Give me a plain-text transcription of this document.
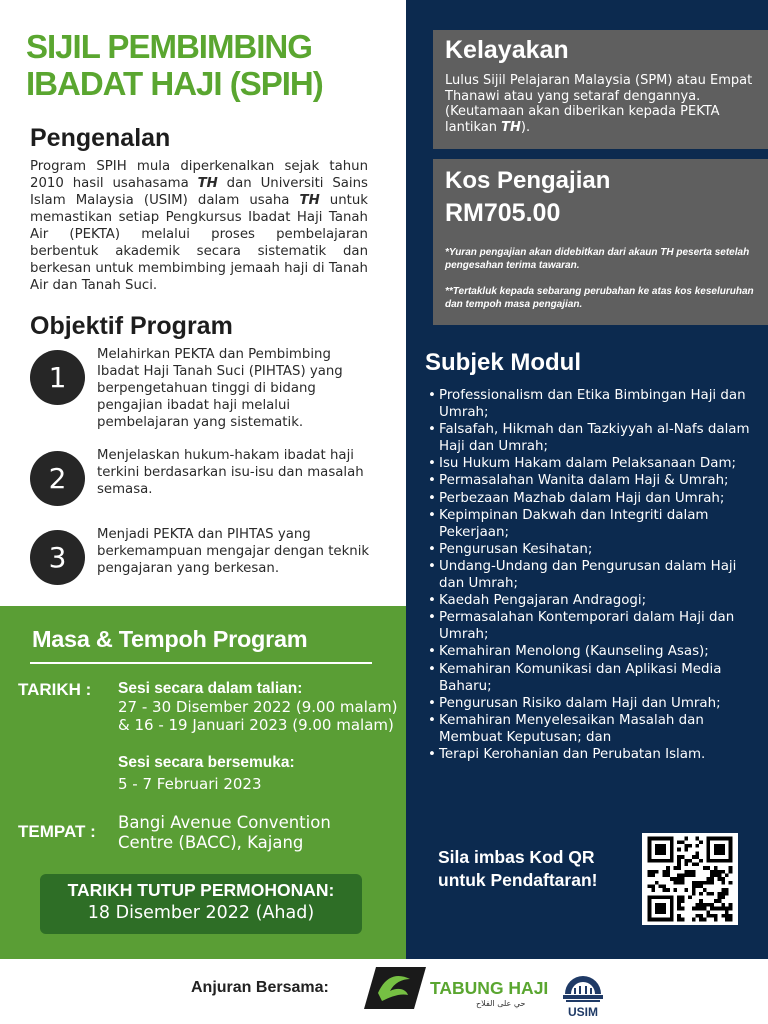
SIJIL PEMBIMBING
IBADAT HAJI (SPIH)
Pengenalan

Program SPIH mula diperkenalkan sejak tahun 2010 hasil usahasama TH dan Universiti Sains Islam Malaysia (USIM) dalam usaha TH untuk memastikan setiap Pengkursus Ibadat Haji Tanah Air (PEKTA) melalui proses pembelajaran berbentuk akademik secara sistematik dan berkesan untuk membimbing jemaah haji di Tanah Air dan Tanah Suci.

Objektif Program
1
Melahirkan PEKTA dan Pembimbing Ibadat Haji Tanah Suci (PIHTAS) yang berpengetahuan tinggi di bidang pengajian ibadat haji melalui pembelajaran yang sistematik.
2
Menjelaskan hukum-hakam ibadat haji terkini berdasarkan isu-isu dan masalah semasa.
3
Menjadi PEKTA dan PIHTAS yang berkemampuan mengajar dengan teknik pengajaran yang berkesan.
Masa & Tempoh Program
TARIKH : Sesi secara dalam talian:
27 - 30 Disember 2022 (9.00 malam)
& 16 - 19 Januari 2023 (9.00 malam)
Sesi secara bersemuka:
5 - 7 Februari 2023
TEMPAT : Bangi Avenue Convention
Centre (BACC), Kajang
TARIKH TUTUP PERMOHONAN:
18 Disember 2022 (Ahad)
Kelayakan

Lulus Sijil Pelajaran Malaysia (SPM) atau Empat Thanawi atau yang setaraf dengannya. (Keutamaan akan diberikan kepada PEKTA lantikan TH).

Kos Pengajian
RM705.00

*Yuran pengajian akan didebitkan dari akaun TH peserta setelah pengesahan terima tawaran.

**Tertakluk kepada sebarang perubahan ke atas kos keseluruhan dan tempoh masa pengajian.

Subjek Modul
• Professionalism dan Etika Bimbingan Haji dan Umrah;
• Falsafah, Hikmah dan Tazkiyyah al-Nafs dalam Haji dan Umrah;
• Isu Hukum Hakam dalam Pelaksanaan Dam;
• Permasalahan Wanita dalam Haji & Umrah;
• Perbezaan Mazhab dalam Haji dan Umrah;
• Kepimpinan Dakwah dan Integriti dalam Pekerjaan;
• Pengurusan Kesihatan;
• Undang-Undang dan Pengurusan dalam Haji dan Umrah;
• Kaedah Pengajaran Andragogi;
• Permasalahan Kontemporari dalam Haji dan Umrah;
• Kemahiran Menolong (Kaunseling Asas);
• Kemahiran Komunikasi dan Aplikasi Media Baharu;
• Pengurusan Risiko dalam Haji dan Umrah;
• Kemahiran Menyelesaikan Masalah dan Membuat Keputusan; dan
• Terapi Kerohanian dan Perubatan Islam.
Sila imbas Kod QR
untuk Pendaftaran!
Anjuran Bersama:	TABUNG HAJI
حي على الفلاح
USIM
